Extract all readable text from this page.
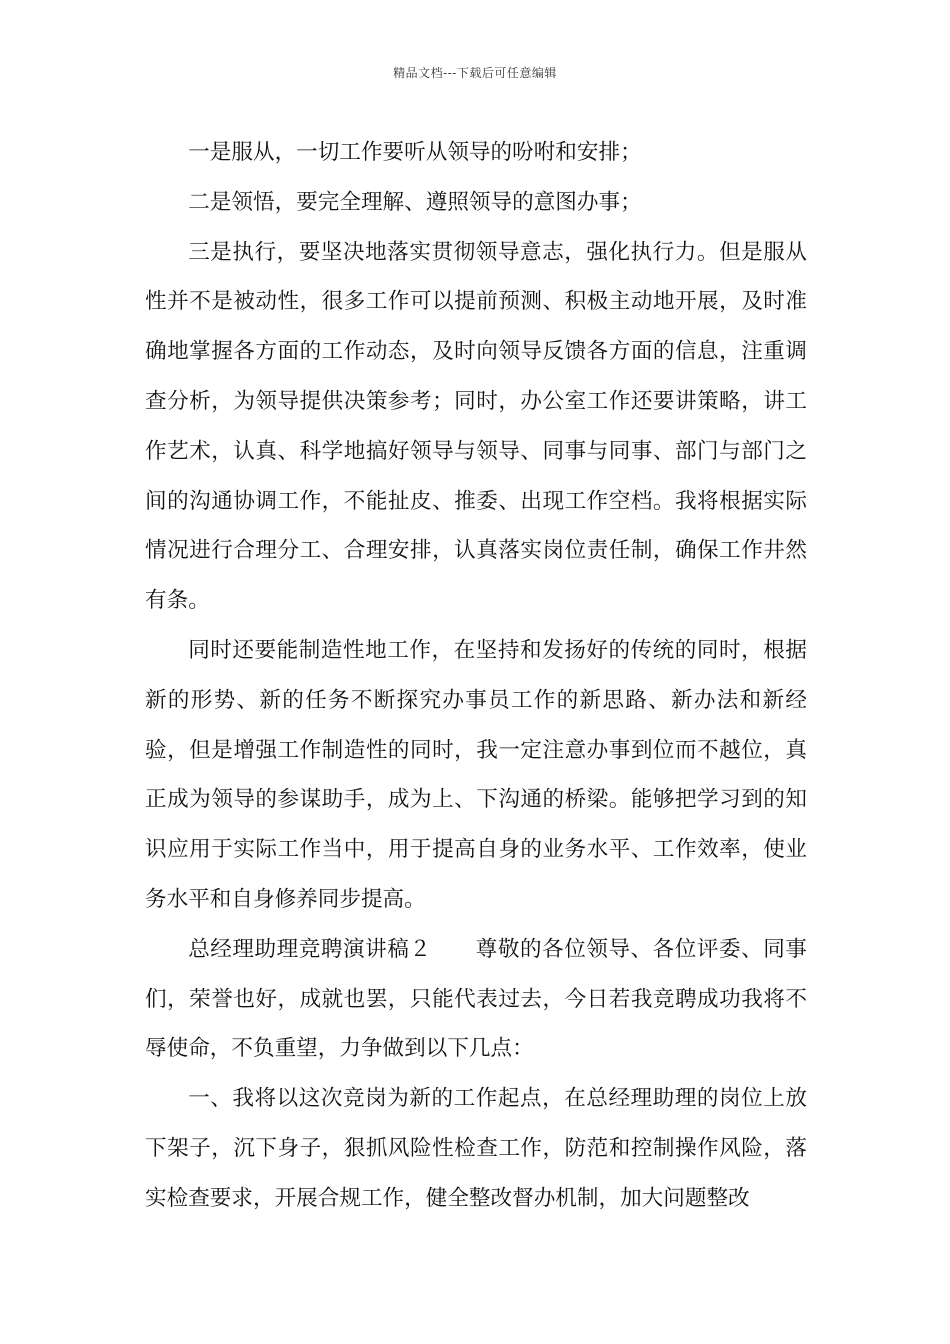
精品文档---下载后可任意编辑

一是服从，一切工作要听从领导的吩咐和安排；

二是领悟，要完全理解、遵照领导的意图办事；

三是执行，要坚决地落实贯彻领导意志，强化执行力。但是服从性并不是被动性，很多工作可以提前预测、积极主动地开展，及时准确地掌握各方面的工作动态，及时向领导反馈各方面的信息，注重调查分析，为领导提供决策参考；同时，办公室工作还要讲策略，讲工作艺术，认真、科学地搞好领导与领导、同事与同事、部门与部门之间的沟通协调工作，不能扯皮、推委、出现工作空档。我将根据实际情况进行合理分工、合理安排，认真落实岗位责任制，确保工作井然有条。

同时还要能制造性地工作，在坚持和发扬好的传统的同时，根据新的形势、新的任务不断探究办事员工作的新思路、新办法和新经验，但是增强工作制造性的同时，我一定注意办事到位而不越位，真正成为领导的参谋助手，成为上、下沟通的桥梁。能够把学习到的知识应用于实际工作当中，用于提高自身的业务水平、工作效率，使业务水平和自身修养同步提高。

总经理助理竞聘演讲稿２　　尊敬的各位领导、各位评委、同事们，荣誉也好，成就也罢，只能代表过去，今日若我竞聘成功我将不辱使命，不负重望，力争做到以下几点：

一、我将以这次竞岗为新的工作起点，在总经理助理的岗位上放下架子，沉下身子，狠抓风险性检查工作，防范和控制操作风险，落实检查要求，开展合规工作，健全整改督办机制，加大问题整改
